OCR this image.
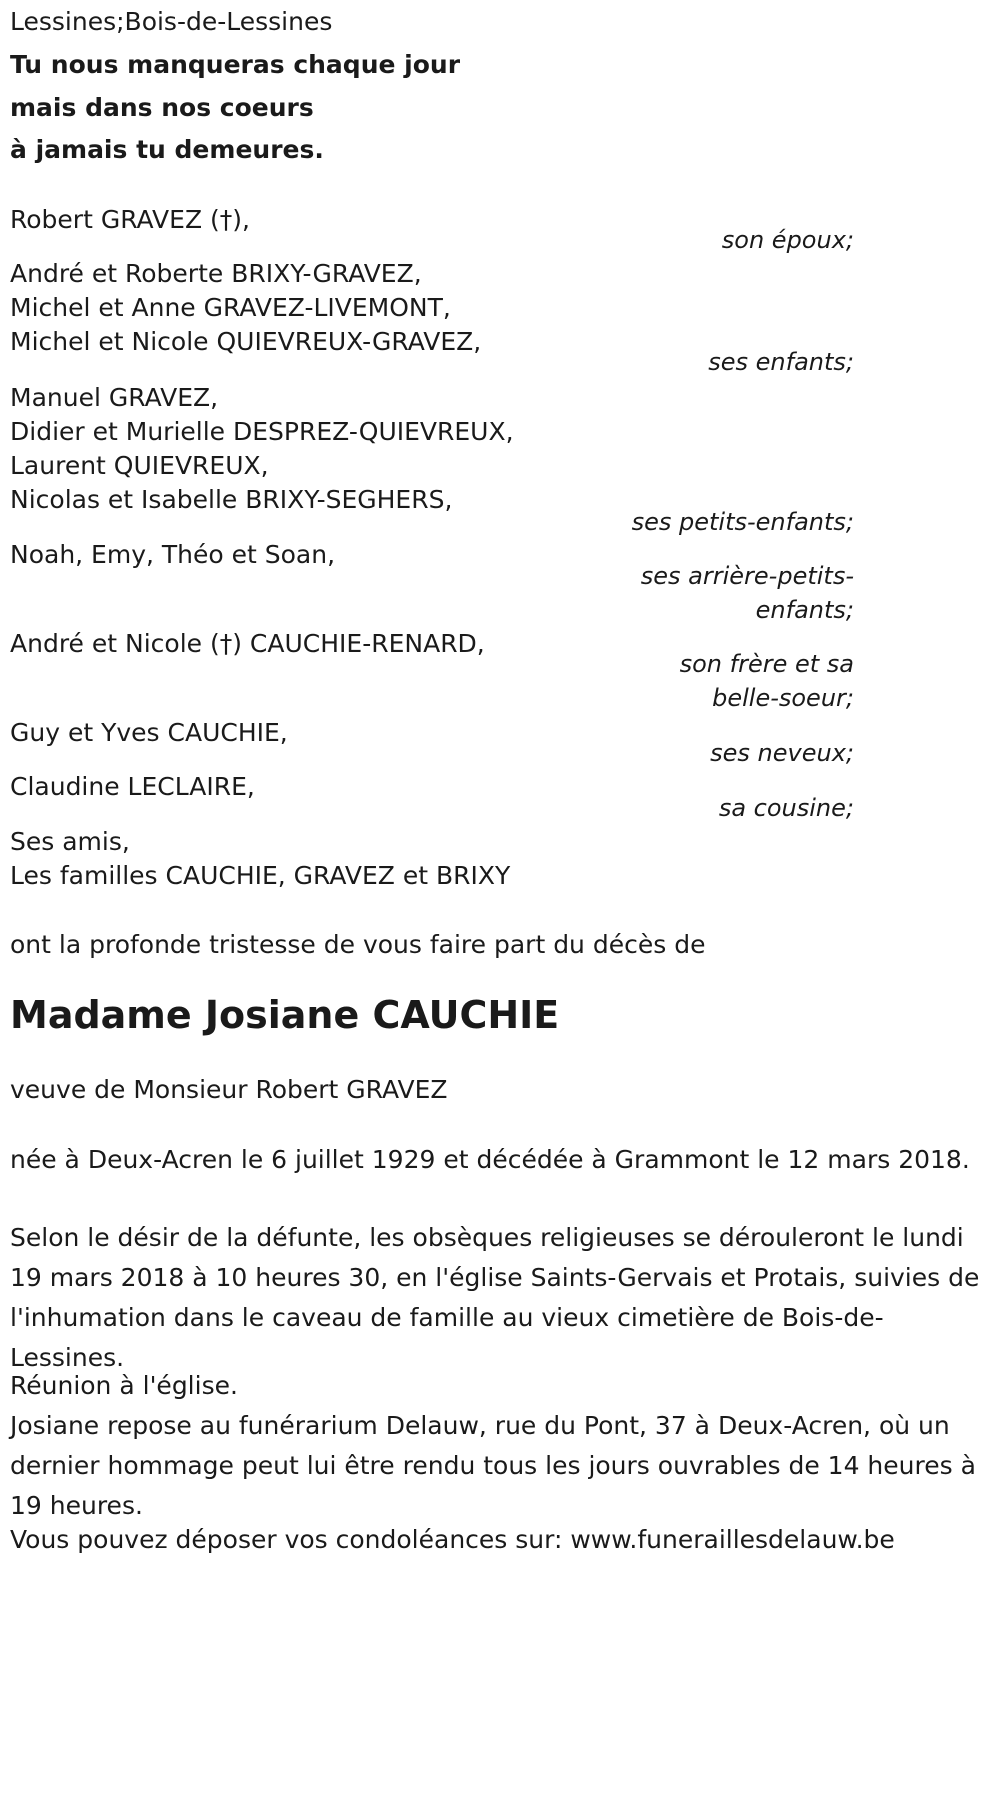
Lessines;Bois-de-Lessines
Tu nous manqueras chaque jour
mais dans nos coeurs
à jamais tu demeures.
Robert GRAVEZ (†),
son époux;
André et Roberte BRIXY-GRAVEZ,
Michel et Anne GRAVEZ-LIVEMONT,
Michel et Nicole QUIEVREUX-GRAVEZ,
ses enfants;
Manuel GRAVEZ,
Didier et Murielle DESPREZ-QUIEVREUX,
Laurent QUIEVREUX,
Nicolas et Isabelle BRIXY-SEGHERS,
ses petits-enfants;
Noah, Emy, Théo et Soan,
ses arrière-petits-
enfants;
André et Nicole (†) CAUCHIE-RENARD,
son frère et sa
belle-soeur;
Guy et Yves CAUCHIE,
ses neveux;
Claudine LECLAIRE,
sa cousine;
Ses amis,
Les familles CAUCHIE, GRAVEZ et BRIXY
ont la profonde tristesse de vous faire part du décès de
Madame Josiane CAUCHIE
veuve de Monsieur Robert GRAVEZ
née à Deux-Acren le 6 juillet 1929 et décédée à Grammont le 12 mars 2018.
Selon le désir de la défunte, les obsèques religieuses se dérouleront le lundi 19 mars 2018 à 10 heures 30, en l'église Saints-Gervais et Protais, suivies de l'inhumation dans le caveau de famille au vieux cimetière de Bois-de-Lessines.
Réunion à l'église.
Josiane repose au funérarium Delauw, rue du Pont, 37 à Deux-Acren, où un dernier hommage peut lui être rendu tous les jours ouvrables de 14 heures à 19 heures.
Vous pouvez déposer vos condoléances sur: www.funeraillesdelauw.be
